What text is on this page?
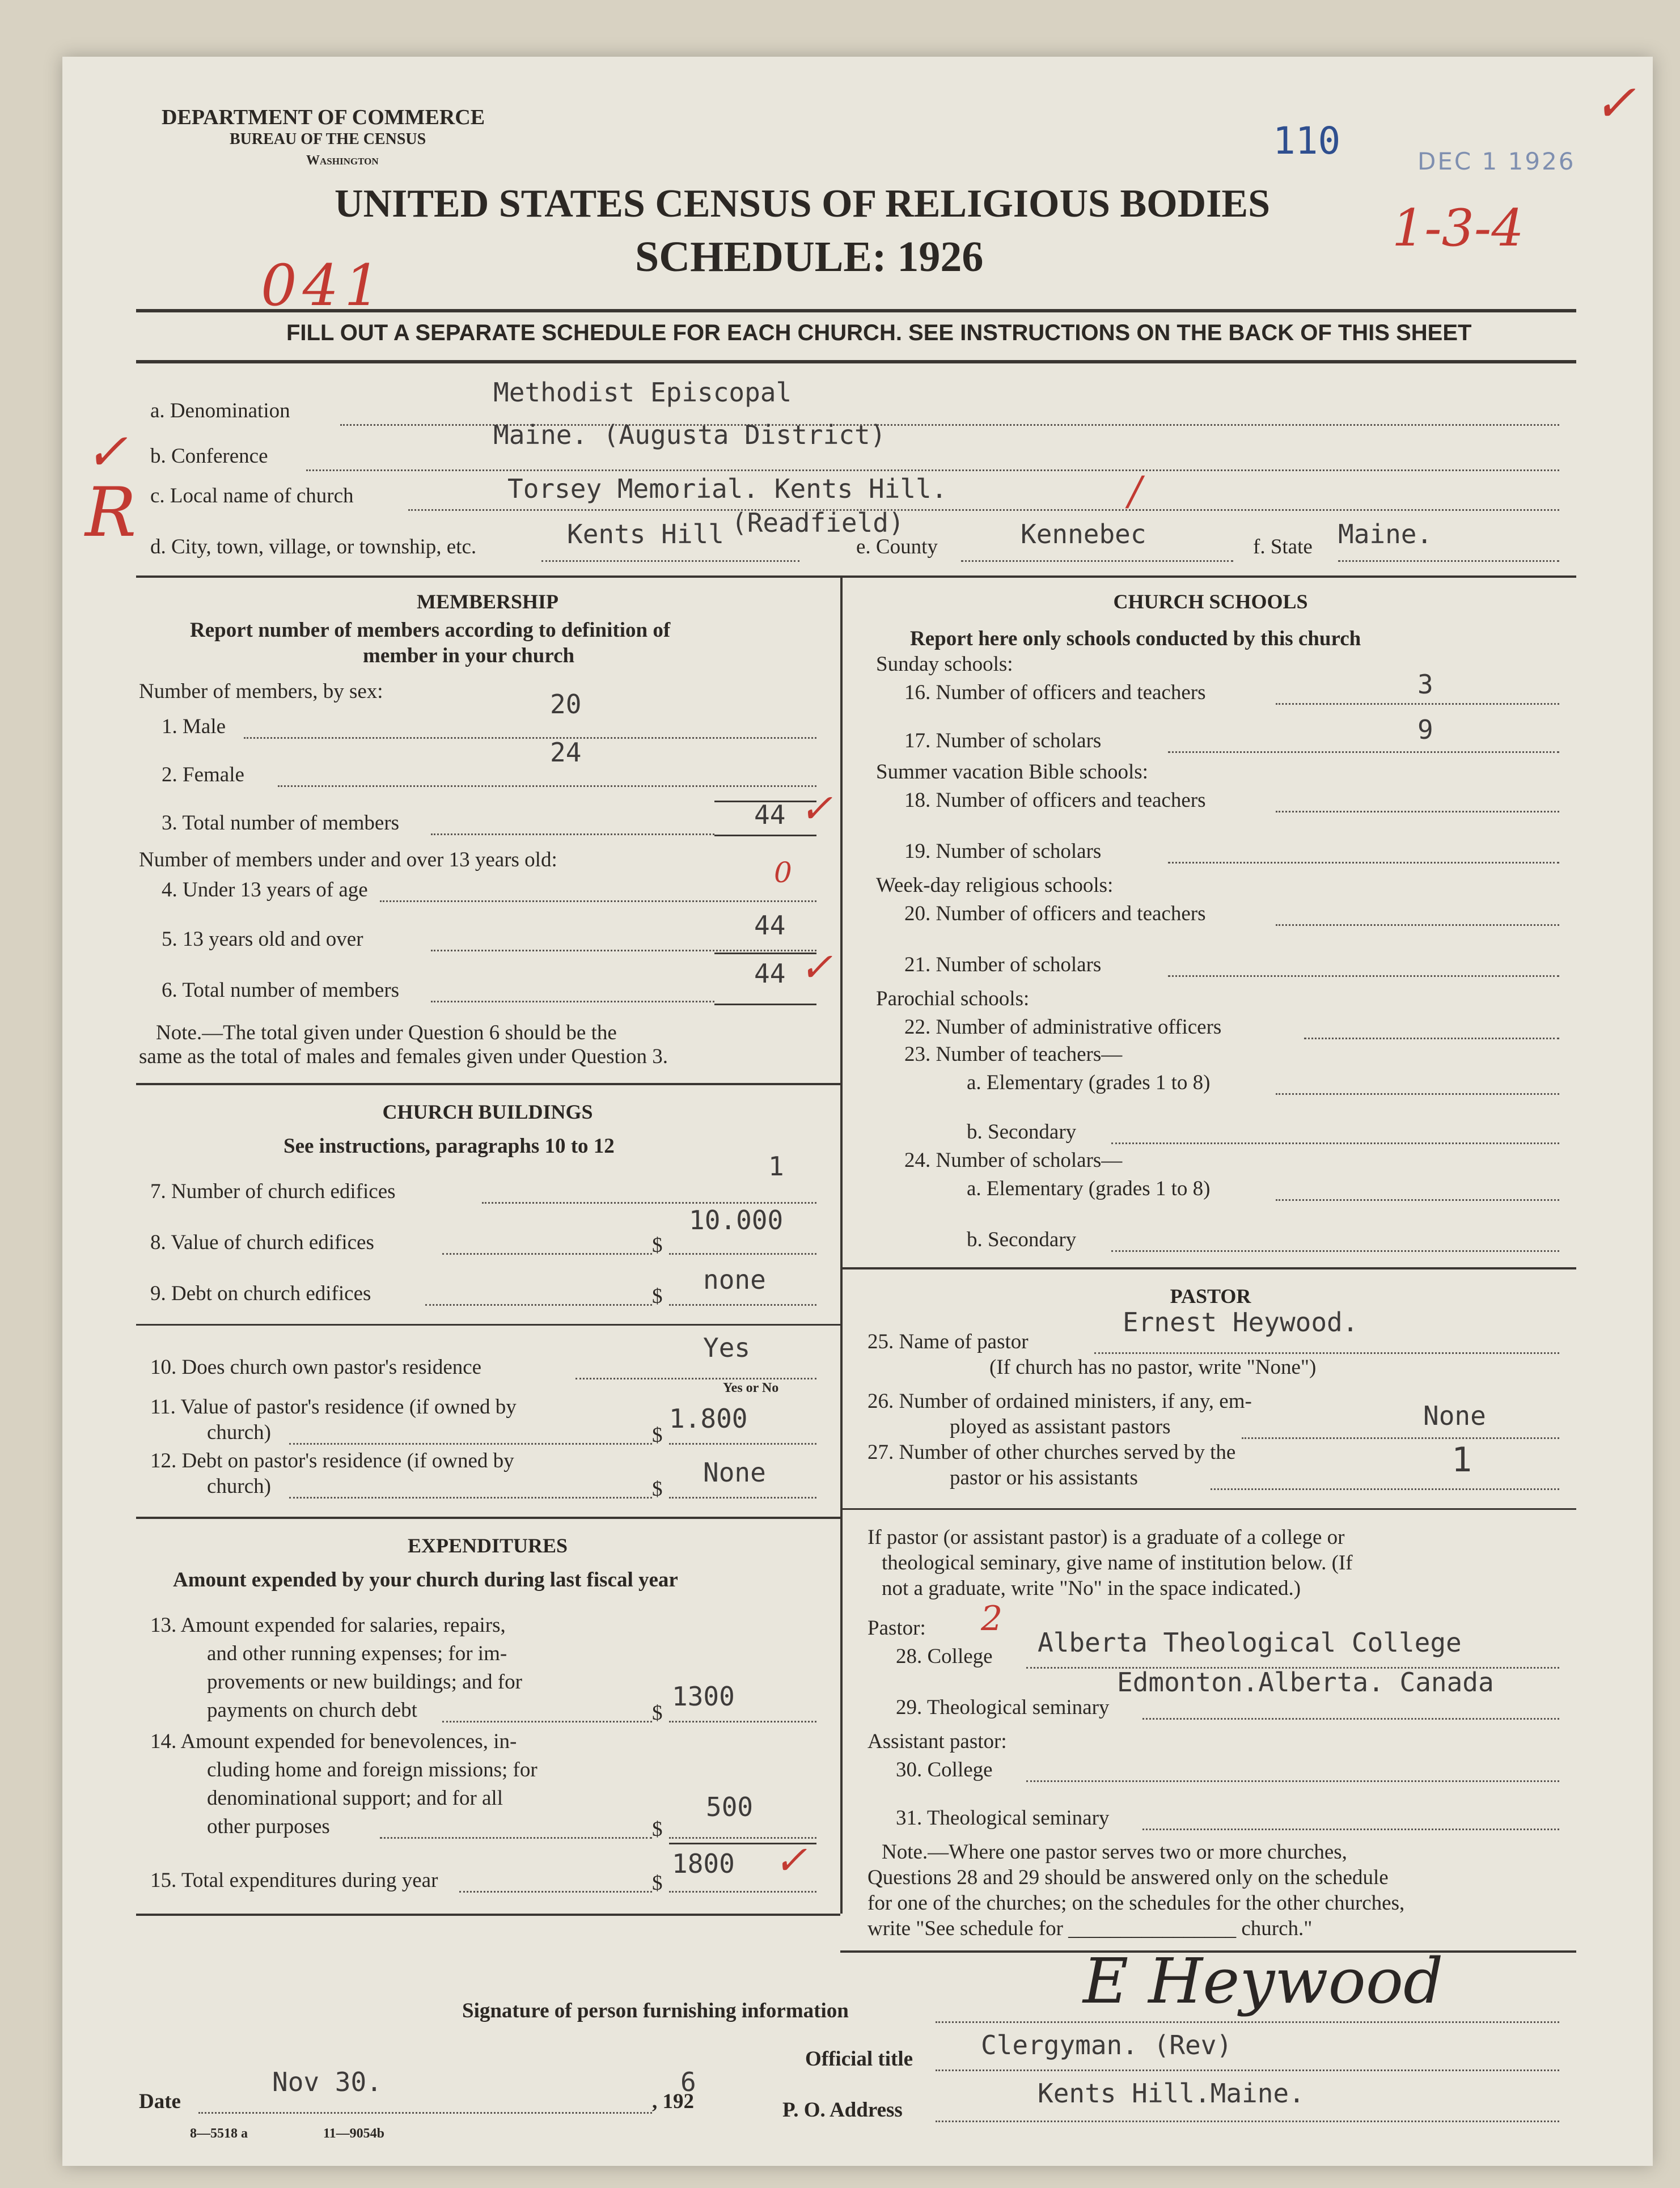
DEPARTMENT OF COMMERCE
BUREAU OF THE CENSUS
Washington
UNITED STATES CENSUS OF RELIGIOUS BODIES
SCHEDULE: 1926
110	DEC 1 1926
1-3-4
041
✓
FILL OUT A SEPARATE SCHEDULE FOR EACH CHURCH. SEE INSTRUCTIONS ON THE BACK OF THIS SHEET
a. Denomination
Methodist Episcopal
✓ b. Conference
Maine. (Augusta District)
R c. Local name of church	Torsey Memorial. Kents Hill.	/
d. City, town, village, or township, etc.	Kents Hill (Readfield)
e. County	Kennebec	f. State Maine.
MEMBERSHIP
Report number of members according to definition of
member in your church
Number of members, by sex:
1. Male
20
2. Female
24
3. Total number of members	44 ✓
Number of members under and over 13 years old:
4. Under 13 years of age
0
5. 13 years old and over	44
6. Total number of members
44 ✓
Note.—The total given under Question 6 should be the
same as the total of males and females given under Question 3.
CHURCH BUILDINGS
See instructions, paragraphs 10 to 12
7. Number of church edifices
1
8. Value of church edifices	$
10.000
9. Debt on church edifices	$
none
10. Does church own pastor's residence
Yes
Yes or No
11. Value of pastor's residence (if owned by
church)	$
1.800
12. Debt on pastor's residence (if owned by
church)	$
None
EXPENDITURES
Amount expended by your church during last fiscal year
13. Amount expended for salaries, repairs,
and other running expenses; for im-
provements or new buildings; and for
payments on church debt	$
1300
14. Amount expended for benevolences, in-
cluding home and foreign missions; for
denominational support; and for all
other purposes	$
500
15. Total expenditures during year	$
1800 ✓
CHURCH SCHOOLS
Report here only schools conducted by this church
Sunday schools:
16. Number of officers and teachers	3
17. Number of scholars	9
Summer vacation Bible schools:
18. Number of officers and teachers
19. Number of scholars
Week-day religious schools:
20. Number of officers and teachers
21. Number of scholars
Parochial schools:
22. Number of administrative officers
23. Number of teachers—
a. Elementary (grades 1 to 8)
b. Secondary
24. Number of scholars—
a. Elementary (grades 1 to 8)
b. Secondary
PASTOR
25. Name of pastor
Ernest Heywood.
(If church has no pastor, write "None")
26. Number of ordained ministers, if any, em-
ployed as assistant pastors	None
27. Number of other churches served by the
pastor or his assistants	1
If pastor (or assistant pastor) is a graduate of a college or
theological seminary, give name of institution below. (If
not a graduate, write "No" in the space indicated.)
Pastor: 2
28. College Alberta Theological College
Edmonton.Alberta. Canada
29. Theological seminary
Assistant pastor:
30. College
31. Theological seminary
Note.—Where one pastor serves two or more churches,
Questions 28 and 29 should be answered only on the schedule
for one of the churches; on the schedules for the other churches,
write "See schedule for ________________ church."
Signature of person furnishing information	E Heywood
Official title	Clergyman. (Rev)
Date
Nov 30.
, 192
6
P. O. Address
Kents Hill.Maine.
8—5518 a	11—9054b
